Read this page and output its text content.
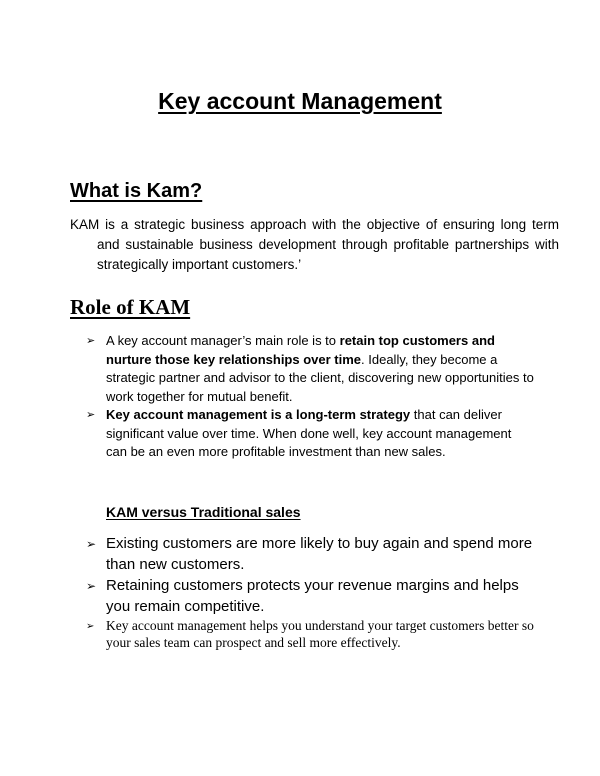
Key account Management
What is Kam?

KAM is a strategic business approach with the objective of ensuring long term and sustainable business development through profitable partnerships with strategically important customers.’

Role of KAM
➢ A key account manager’s main role is to retain top customers and nurture those key relationships over time. Ideally, they become a strategic partner and advisor to the client, discovering new opportunities to work together for mutual benefit.
➢ Key account management is a long-term strategy that can deliver significant value over time. When done well, key account management can be an even more profitable investment than new sales.
KAM versus Traditional sales
➢ Existing customers are more likely to buy again and spend more than new customers.
➢ Retaining customers protects your revenue margins and helps you remain competitive.
➢ Key account management helps you understand your target customers better so your sales team can prospect and sell more effectively.
